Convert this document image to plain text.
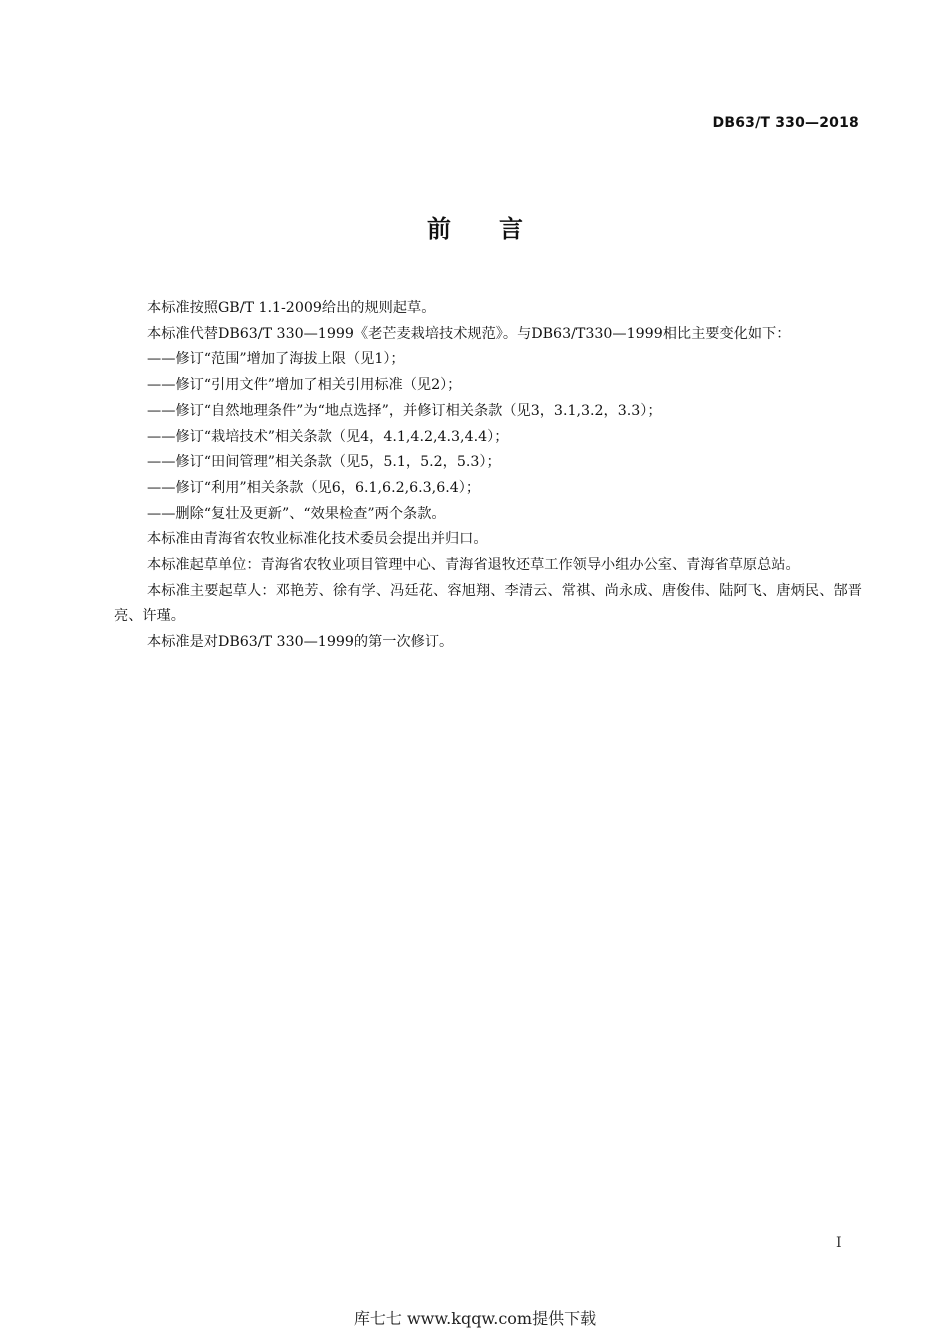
DB63/T 330—2018
前 言

本标准按照GB/T 1.1-2009给出的规则起草。

本标准代替DB63/T 330—1999《老芒麦栽培技术规范》。与DB63/T330—1999相比主要变化如下：

——修订“范围”增加了海拔上限（见1）；

——修订“引用文件”增加了相关引用标准（见2）；

——修订“自然地理条件”为“地点选择”，并修订相关条款（见3，3.1,3.2，3.3）；

——修订“栽培技术”相关条款（见4，4.1,4.2,4.3,4.4）；

——修订“田间管理”相关条款（见5，5.1，5.2，5.3）；

——修订“利用”相关条款（见6，6.1,6.2,6.3,6.4）；

——删除“复壮及更新”、“效果检查”两个条款。

本标准由青海省农牧业标准化技术委员会提出并归口。

本标准起草单位：青海省农牧业项目管理中心、青海省退牧还草工作领导小组办公室、青海省草原总站。

本标准主要起草人：邓艳芳、徐有学、冯廷花、容旭翔、李清云、常祺、尚永成、唐俊伟、陆阿飞、唐炳民、郜晋亮、许瑾。

本标准是对DB63/T 330—1999的第一次修订。

I
库七七 www.kqqw.com提供下载
